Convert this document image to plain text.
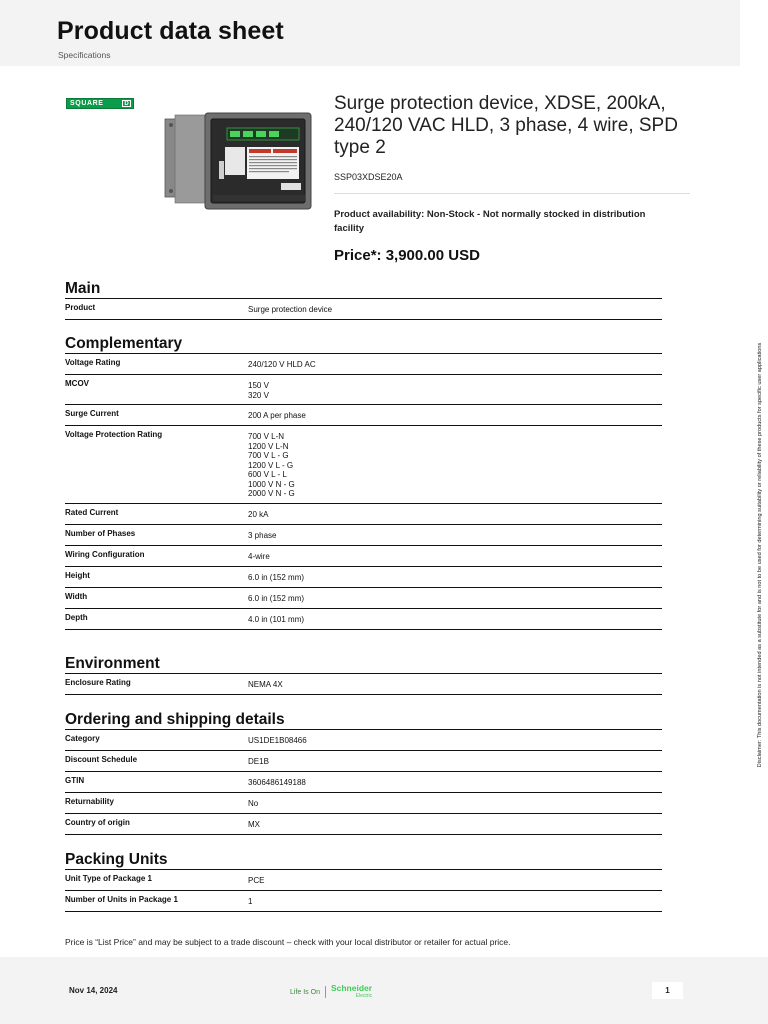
Product data sheet
Specifications
SQUARE	D	Surge protection device, XDSE, 200kA, 240/120 VAC HLD, 3 phase, 4 wire, SPD type 2
SSP03XDSE20A
Product availability: Non-Stock - Not normally stocked in distribution facility
Price*: 3,900.00 USD
Main
Product	Surge protection device
Complementary
Voltage Rating	240/120 V HLD AC
MCOV	150 V
320 V
Surge Current	200 A per phase
Voltage Protection Rating	700 V L-N
1200 V L-N
700 V L - G
1200 V L - G
600 V L - L
1000 V N - G
2000 V N - G
Rated Current	20 kA
Number of Phases	3 phase
Wiring Configuration	4-wire
Height	6.0 in (152 mm)
Width	6.0 in (152 mm)
Depth	4.0 in (101 mm)
Environment
Enclosure Rating	NEMA 4X
Ordering and shipping details
Category	US1DE1B08466
Discount Schedule	DE1B
GTIN	3606486149188
Returnability	No
Country of origin	MX
Packing Units
Unit Type of Package 1	PCE
Number of Units in Package 1	1
Price is “List Price” and may be subject to a trade discount – check with your local distributor or retailer for actual price.
Disclaimer: This documentation is not intended as a substitute for and is not to be used for determining suitability or reliability of these products for specific user applications
Nov 14, 2024	Life Is On Schneider
Electric
1
